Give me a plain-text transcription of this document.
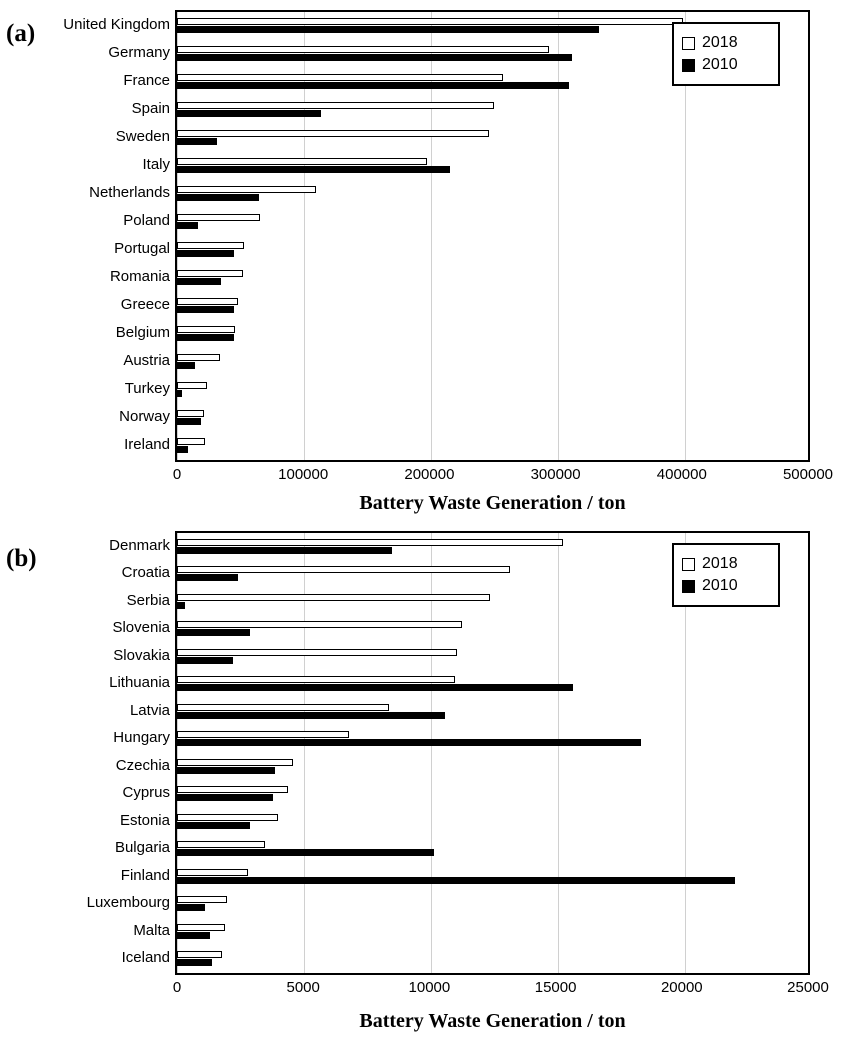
(a)	United Kingdom
Germany
France
Spain
Sweden
Italy
Netherlands
Poland
Portugal
Romania
Greece
Belgium
Austria
Turkey
Norway
Ireland
0	100000	200000	300000	400000	500000
Battery Waste Generation / ton
2018
2010
(b)	Denmark
Croatia
Serbia
Slovenia
Slovakia
Lithuania
Latvia
Hungary
Czechia
Cyprus
Estonia
Bulgaria
Finland
Luxembourg
Malta
Iceland
0	5000	10000	15000	20000	25000
Battery Waste Generation / ton
2018
2010
